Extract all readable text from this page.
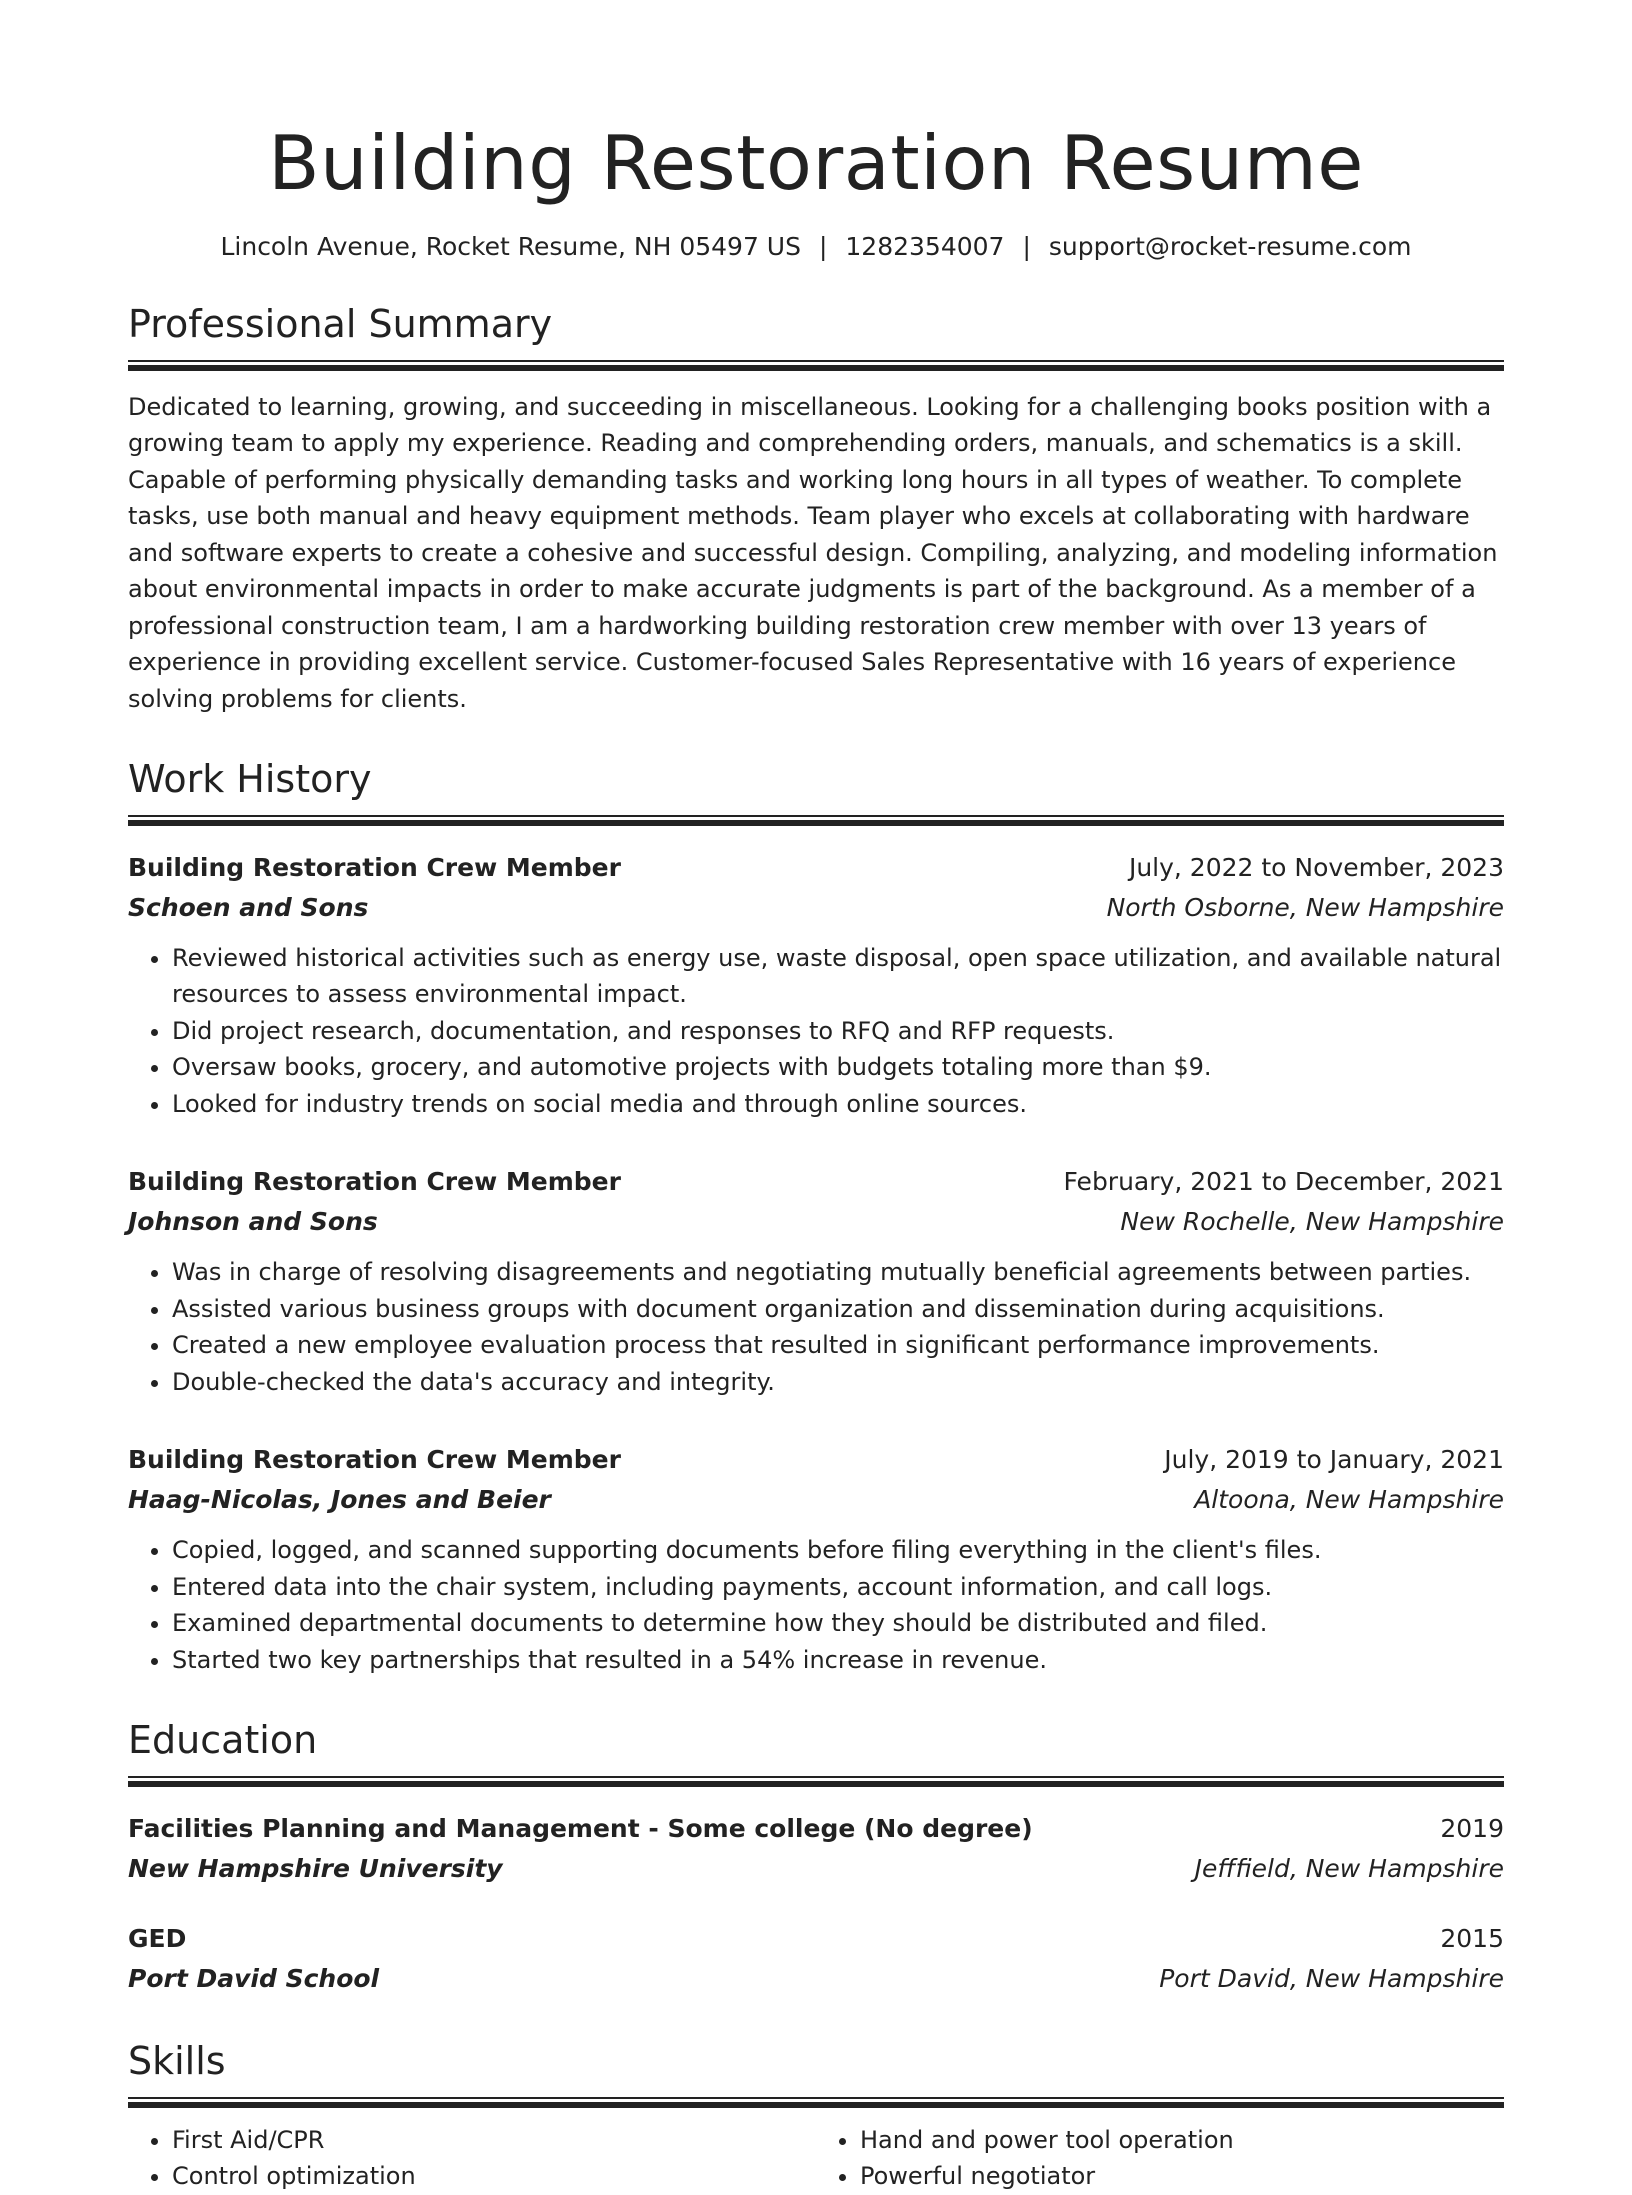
Building Restoration Resume
Lincoln Avenue, Rocket Resume, NH 05497 US | 1282354007 | support@rocket-resume.com
Professional Summary
Dedicated to learning, growing, and succeeding in miscellaneous. Looking for a challenging books position with a growing team to apply my experience. Reading and comprehending orders, manuals, and schematics is a skill. Capable of performing physically demanding tasks and working long hours in all types of weather. To complete tasks, use both manual and heavy equipment methods. Team player who excels at collaborating with hardware and software experts to create a cohesive and successful design. Compiling, analyzing, and modeling information about environmental impacts in order to make accurate judgments is part of the background. As a member of a professional construction team, I am a hardworking building restoration crew member with over 13 years of experience in providing excellent service. Customer-focused Sales Representative with 16 years of experience solving problems for clients.
Work History
Building Restoration Crew Member	July, 2022 to November, 2023
Schoen and Sons	North Osborne, New Hampshire
• Reviewed historical activities such as energy use, waste disposal, open space utilization, and available natural resources to assess environmental impact.
• Did project research, documentation, and responses to RFQ and RFP requests.
• Oversaw books, grocery, and automotive projects with budgets totaling more than $9.
• Looked for industry trends on social media and through online sources.
Building Restoration Crew Member	February, 2021 to December, 2021
Johnson and Sons	New Rochelle, New Hampshire
• Was in charge of resolving disagreements and negotiating mutually beneficial agreements between parties.
• Assisted various business groups with document organization and dissemination during acquisitions.
• Created a new employee evaluation process that resulted in significant performance improvements.
• Double-checked the data's accuracy and integrity.
Building Restoration Crew Member	July, 2019 to January, 2021
Haag-Nicolas, Jones and Beier	Altoona, New Hampshire
• Copied, logged, and scanned supporting documents before filing everything in the client's files.
• Entered data into the chair system, including payments, account information, and call logs.
• Examined departmental documents to determine how they should be distributed and filed.
• Started two key partnerships that resulted in a 54% increase in revenue.
Education
Facilities Planning and Management - Some college (No degree)	2019
New Hampshire University	Jefffield, New Hampshire
GED	2015
Port David School	Port David, New Hampshire
Skills
• First Aid/CPR
• Control optimization
• Hand and power tool operation
• Powerful negotiator
